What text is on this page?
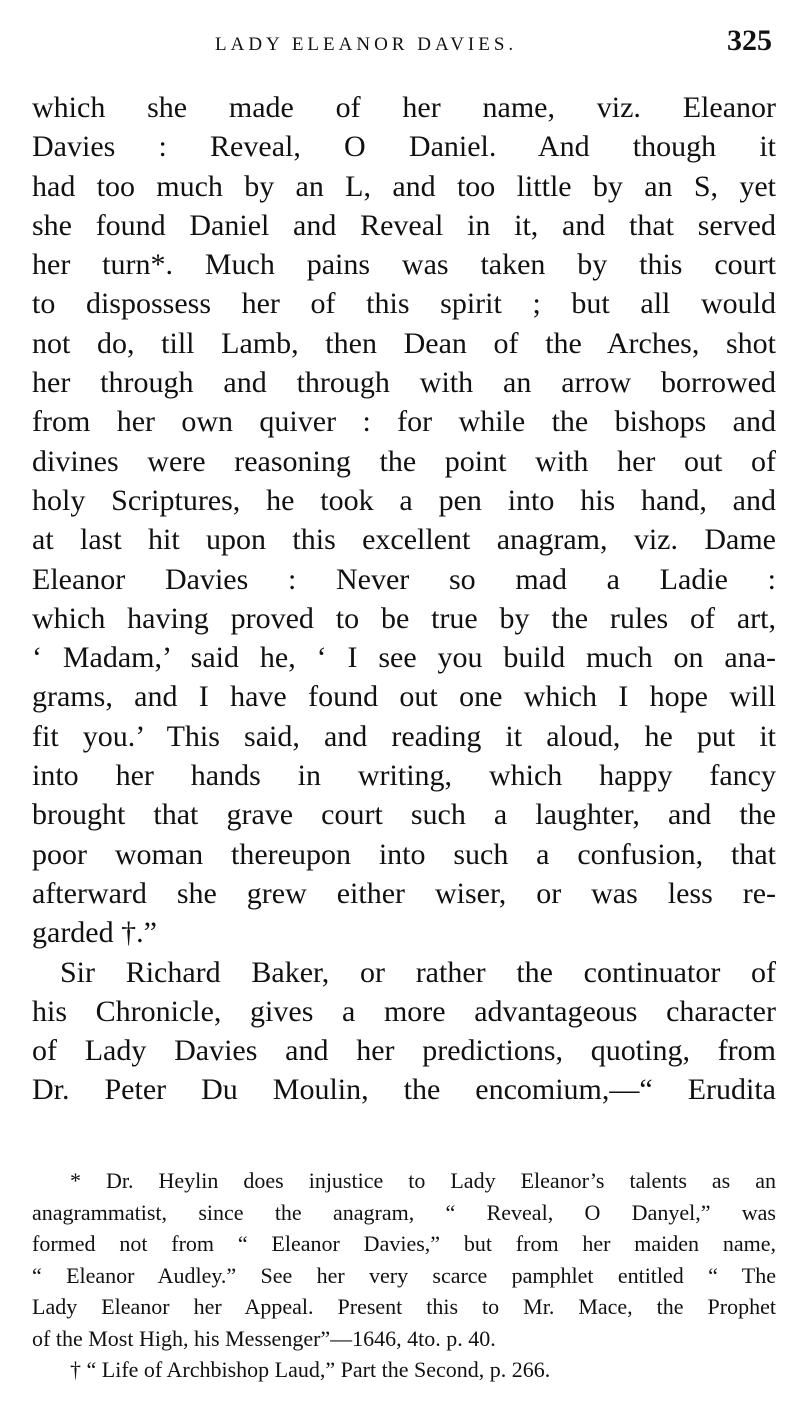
LADY ELEANOR DAVIES.	325
which she made of her name, viz. Eleanor
Davies : Reveal, O Daniel. And though it
had too much by an L, and too little by an S, yet
she found Daniel and Reveal in it, and that served
her turn*. Much pains was taken by this court
to dispossess her of this spirit ; but all would
not do, till Lamb, then Dean of the Arches, shot
her through and through with an arrow borrowed
from her own quiver : for while the bishops and
divines were reasoning the point with her out of
holy Scriptures, he took a pen into his hand, and
at last hit upon this excellent anagram, viz. Dame
Eleanor Davies : Never so mad a Ladie :
which having proved to be true by the rules of art,
‘ Madam,’ said he, ‘ I see you build much on ana-
grams, and I have found out one which I hope will
fit you.’ This said, and reading it aloud, he put it
into her hands in writing, which happy fancy
brought that grave court such a laughter, and the
poor woman thereupon into such a confusion, that
afterward she grew either wiser, or was less re-
garded †.”
Sir Richard Baker, or rather the continuator of
his Chronicle, gives a more advantageous character
of Lady Davies and her predictions, quoting, from
Dr. Peter Du Moulin, the encomium,—“ Erudita
* Dr. Heylin does injustice to Lady Eleanor’s talents as an
anagrammatist, since the anagram, “ Reveal, O Danyel,” was
formed not from “ Eleanor Davies,” but from her maiden name,
“ Eleanor Audley.” See her very scarce pamphlet entitled “ The
Lady Eleanor her Appeal. Present this to Mr. Mace, the Prophet
of the Most High, his Messenger”—1646, 4to. p. 40.
† “ Life of Archbishop Laud,” Part the Second, p. 266.
